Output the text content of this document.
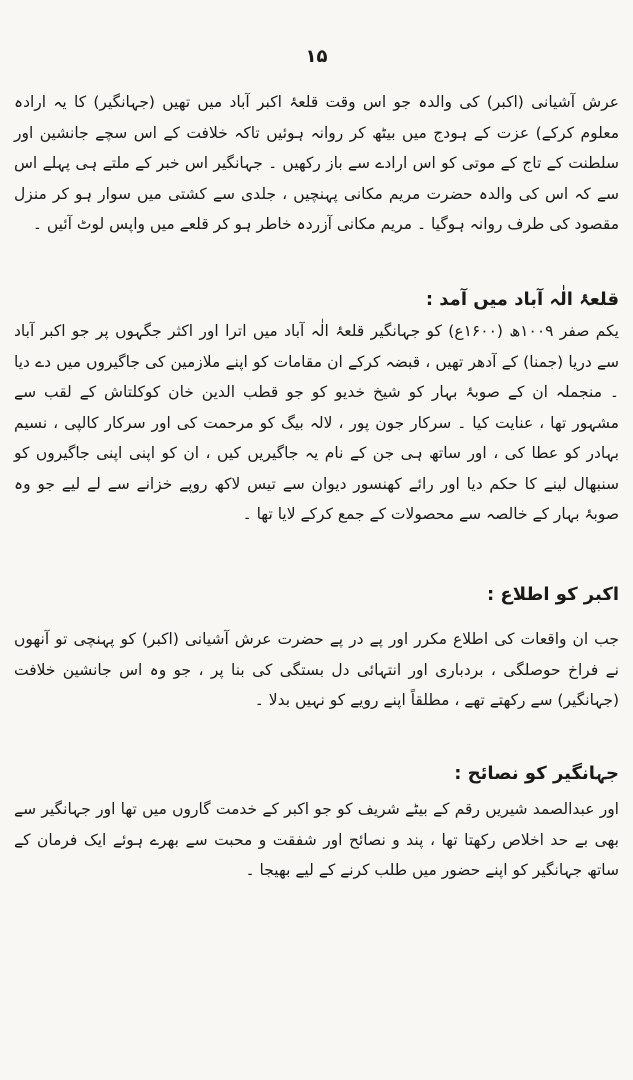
۱۵

عرش آشیانی (اکبر) کی والدہ جو اس وقت قلعۂ اکبر آباد میں تھیں (جہانگیر) کا یہ ارادہ معلوم کرکے) عزت کے ہودج میں بیٹھ کر روانہ ہوئیں تاکہ خلافت کے اس سچے جانشین اور سلطنت کے تاج کے موتی کو اس ارادے سے باز رکھیں ۔ جہانگیر اس خبر کے ملتے ہی پہلے اس سے کہ اس کی والدہ حضرت مریم مکانی پہنچیں ، جلدی سے کشتی میں سوار ہو کر منزل مقصود کی طرف روانہ ہوگیا ۔ مریم مکانی آزردہ خاطر ہو کر قلعے میں واپس لوٹ آئیں ۔

قلعۂ الٰہ آباد میں آمد :

یکم صفر ۱۰۰۹ھ (۱۶۰۰ع) کو جہانگیر قلعۂ الٰہ آباد میں اترا اور اکثر جگہوں پر جو اکبر آباد سے دریا (جمنا) کے آدھر تھیں ، قبضہ کرکے ان مقامات کو اپنے ملازمین کی جاگیروں میں دے دیا ۔ منجملہ ان کے صوبۂ بہار کو شیخ خدیو کو جو قطب الدین خان کوکلتاش کے لقب سے مشہور تھا ، عنایت کیا ۔ سرکار جون پور ، لالہ بیگ کو مرحمت کی اور سرکار کالپی ، نسیم بہادر کو عطا کی ، اور ساتھ ہی جن کے نام یہ جاگیریں کیں ، ان کو اپنی اپنی جاگیروں کو سنبھال لینے کا حکم دیا اور رائے کھنسور دیوان سے تیس لاکھ روپے خزانے سے لے لیے جو وہ صوبۂ بہار کے خالصہ سے محصولات کے جمع کرکے لایا تھا ۔

اکبر کو اطلاع :

جب ان واقعات کی اطلاع مکرر اور پے در پے حضرت عرش آشیانی (اکبر) کو پہنچی تو آنھوں نے فراخ حوصلگی ، بردباری اور انتہائی دل بستگی کی بنا پر ، جو وہ اس جانشین خلافت (جہانگیر) سے رکھتے تھے ، مطلقاً اپنے رویے کو نہیں بدلا ۔

جہانگیر کو نصائح :

اور عبدالصمد شیریں رقم کے بیٹے شریف کو جو اکبر کے خدمت گاروں میں تھا اور جہانگیر سے بھی بے حد اخلاص رکھتا تھا ، پند و نصائح اور شفقت و محبت سے بھرے ہوئے ایک فرمان کے ساتھ جہانگیر کو اپنے حضور میں طلب کرنے کے لیے بھیجا ۔
